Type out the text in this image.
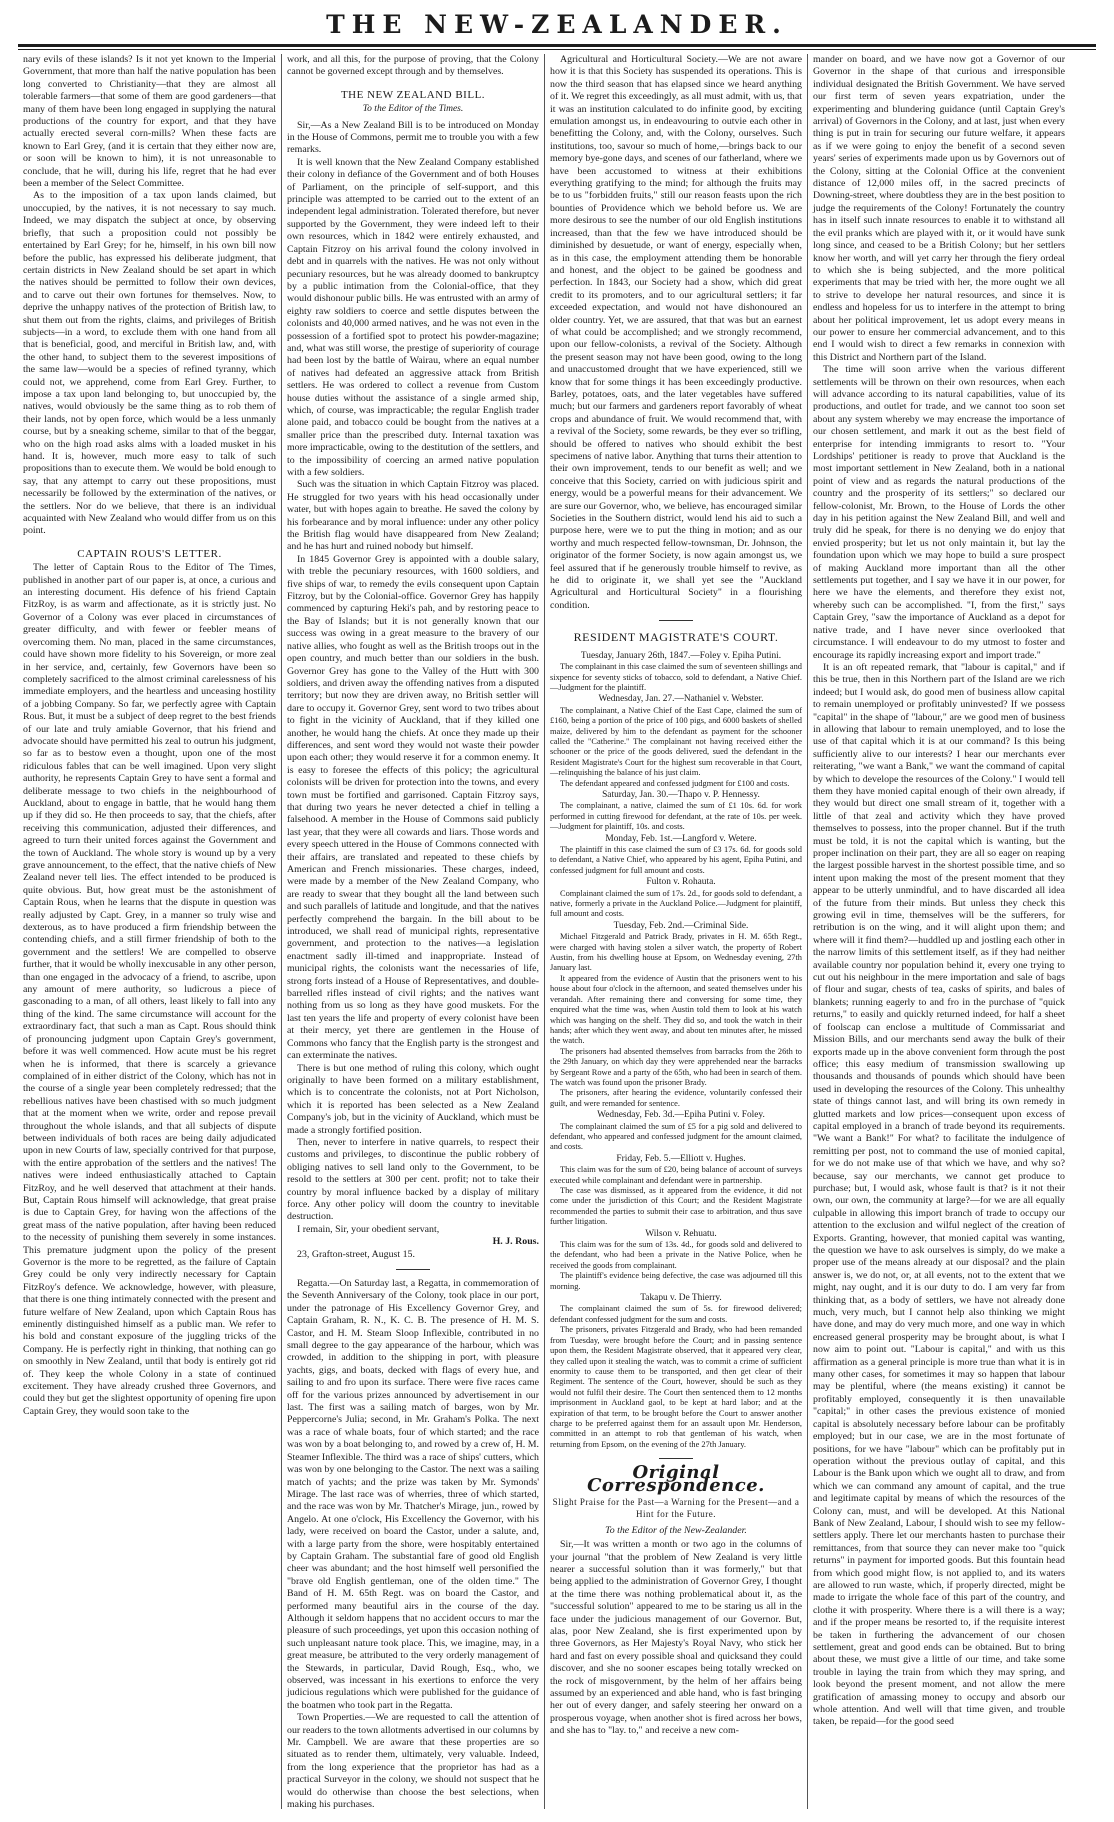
THE NEW-ZEALANDER.

nary evils of these islands? Is it not yet known to the Imperial Government, that more than half the native population has been long converted to Christianity—that they are almost all tolerable farmers—that some of them are good gardeners—that many of them have been long engaged in supplying the natural productions of the country for export, and that they have actually erected several corn-mills? When these facts are known to Earl Grey, (and it is certain that they either now are, or soon will be known to him), it is not unreasonable to conclude, that he will, during his life, regret that he had ever been a member of the Select Committee.

As to the imposition of a tax upon lands claimed, but unoccupied, by the natives, it is not necessary to say much. Indeed, we may dispatch the subject at once, by observing briefly, that such a proposition could not possibly be entertained by Earl Grey; for he, himself, in his own bill now before the public, has expressed his deliberate judgment, that certain districts in New Zealand should be set apart in which the natives should be permitted to follow their own devices, and to carve out their own fortunes for themselves. Now, to deprive the unhappy natives of the protection of British law, to shut them out from the rights, claims, and privileges of British subjects—in a word, to exclude them with one hand from all that is beneficial, good, and merciful in British law, and, with the other hand, to subject them to the severest impositions of the same law—would be a species of refined tyranny, which could not, we apprehend, come from Earl Grey. Further, to impose a tax upon land belonging to, but unoccupied by, the natives, would obviously be the same thing as to rob them of their lands, not by open force, which would be a less unmanly course, but by a sneaking scheme, similar to that of the beggar, who on the high road asks alms with a loaded musket in his hand. It is, however, much more easy to talk of such propositions than to execute them. We would be bold enough to say, that any attempt to carry out these propositions, must necessarily be followed by the extermination of the natives, or the settlers. Nor do we believe, that there is an individual acquainted with New Zealand who would differ from us on this point.

CAPTAIN ROUS'S LETTER.

The letter of Captain Rous to the Editor of The Times, published in another part of our paper is, at once, a curious and an interesting document. His defence of his friend Captain FitzRoy, is as warm and affectionate, as it is strictly just. No Governor of a Colony was ever placed in circumstances of greater difficulty, and with fewer or feebler means of overcoming them. No man, placed in the same circumstances, could have shown more fidelity to his Sovereign, or more zeal in her service, and, certainly, few Governors have been so completely sacrificed to the almost criminal carelessness of his immediate employers, and the heartless and unceasing hostility of a jobbing Company. So far, we perfectly agree with Captain Rous. But, it must be a subject of deep regret to the best friends of our late and truly amiable Governor, that his friend and advocate should have permitted his zeal to outrun his judgment, so far as to bestow even a thought, upon one of the most ridiculous fables that can be well imagined. Upon very slight authority, he represents Captain Grey to have sent a formal and deliberate message to two chiefs in the neighbourhood of Auckland, about to engage in battle, that he would hang them up if they did so. He then proceeds to say, that the chiefs, after receiving this communication, adjusted their differences, and agreed to turn their united forces against the Government and the town of Auckland. The whole story is wound up by a very grave announcement, to the effect, that the native chiefs of New Zealand never tell lies. The effect intended to be produced is quite obvious. But, how great must be the astonishment of Captain Rous, when he learns that the dispute in question was really adjusted by Capt. Grey, in a manner so truly wise and dexterous, as to have produced a firm friendship between the contending chiefs, and a still firmer friendship of both to the government and the settlers! We are compelled to observe further, that it would be wholly inexcusable in any other person, than one engaged in the advocacy of a friend, to ascribe, upon any amount of mere authority, so ludicrous a piece of gasconading to a man, of all others, least likely to fall into any thing of the kind. The same circumstance will account for the extraordinary fact, that such a man as Capt. Rous should think of pronouncing judgment upon Captain Grey's government, before it was well commenced. How acute must be his regret when he is informed, that there is scarcely a grievance complained of in either district of the Colony, which has not in the course of a single year been completely redressed; that the rebellious natives have been chastised with so much judgment that at the moment when we write, order and repose prevail throughout the whole islands, and that all subjects of dispute between individuals of both races are being daily adjudicated upon in new Courts of law, specially contrived for that purpose, with the entire approbation of the settlers and the natives! The natives were indeed enthusiastically attached to Captain FitzRoy, and he well deserved that attachment at their hands. But, Captain Rous himself will acknowledge, that great praise is due to Captain Grey, for having won the affections of the great mass of the native population, after having been reduced to the necessity of punishing them severely in some instances. This premature judgment upon the policy of the present Governor is the more to be regretted, as the failure of Captain Grey could be only very indirectly necessary for Captain FitzRoy's defence. We acknowledge, however, with pleasure, that there is one thing intimately connected with the present and future welfare of New Zealand, upon which Captain Rous has eminently distinguished himself as a public man. We refer to his bold and constant exposure of the juggling tricks of the Company. He is perfectly right in thinking, that nothing can go on smoothly in New Zealand, until that body is entirely got rid of. They keep the whole Colony in a state of continued excitement. They have already crushed three Governors, and could they but get the slightest opportunity of opening fire upon Captain Grey, they would soon take to the

work, and all this, for the purpose of proving, that the Colony cannot be governed except through and by themselves.

THE NEW ZEALAND BILL.
To the Editor of the Times.

Sir,—As a New Zealand Bill is to be introduced on Monday in the House of Commons, permit me to trouble you with a few remarks.

It is well known that the New Zealand Company established their colony in defiance of the Government and of both Houses of Parliament, on the principle of self-support, and this principle was attempted to be carried out to the extent of an independent legal administration. Tolerated therefore, but never supported by the Government, they were indeed left to their own resources, which in 1842 were entirely exhausted, and Captain Fitzroy on his arrival found the colony involved in debt and in quarrels with the natives. He was not only without pecuniary resources, but he was already doomed to bankruptcy by a public intimation from the Colonial-office, that they would dishonour public bills. He was entrusted with an army of eighty raw soldiers to coerce and settle disputes between the colonists and 40,000 armed natives, and he was not even in the possession of a fortified spot to protect his powder-magazine; and, what was still worse, the prestige of superiority of courage had been lost by the battle of Wairau, where an equal number of natives had defeated an aggressive attack from British settlers. He was ordered to collect a revenue from Custom house duties without the assistance of a single armed ship, which, of course, was impracticable; the regular English trader alone paid, and tobacco could be bought from the natives at a smaller price than the prescribed duty. Internal taxation was more impracticable, owing to the destitution of the settlers, and to the impossibility of coercing an armed native population with a few soldiers.

Such was the situation in which Captain Fitzroy was placed. He struggled for two years with his head occasionally under water, but with hopes again to breathe. He saved the colony by his forbearance and by moral influence: under any other policy the British flag would have disappeared from New Zealand; and he has hurt and ruined nobody but himself.

In 1845 Governor Grey is appointed with a double salary, with treble the pecuniary resources, with 1600 soldiers, and five ships of war, to remedy the evils consequent upon Captain Fitzroy, but by the Colonial-office. Governor Grey has happily commenced by capturing Heki's pah, and by restoring peace to the Bay of Islands; but it is not generally known that our success was owing in a great measure to the bravery of our native allies, who fought as well as the British troops out in the open country, and much better than our soldiers in the bush. Governor Grey has gone to the Valley of the Hutt with 300 soldiers, and driven away the offending natives from a disputed territory; but now they are driven away, no British settler will dare to occupy it. Governor Grey, sent word to two tribes about to fight in the vicinity of Auckland, that if they killed one another, he would hang the chiefs. At once they made up their differences, and sent word they would not waste their powder upon each other; they would reserve it for a common enemy. It is easy to foresee the effects of this policy; the agricultural colonists will be driven for protection into the towns, and every town must be fortified and garrisoned. Captain Fitzroy says, that during two years he never detected a chief in telling a falsehood. A member in the House of Commons said publicly last year, that they were all cowards and liars. Those words and every speech uttered in the House of Commons connected with their affairs, are translated and repeated to these chiefs by American and French missionaries. These charges, indeed, were made by a member of the New Zealand Company, who are ready to swear that they bought all the land between such and such parallels of latitude and longitude, and that the natives perfectly comprehend the bargain. In the bill about to be introduced, we shall read of municipal rights, representative government, and protection to the natives—a legislation enactment sadly ill-timed and inappropriate. Instead of municipal rights, the colonists want the necessaries of life, strong forts instead of a House of Representatives, and double-barrelled rifles instead of civil rights; and the natives want nothing from us so long as they have good muskets. For the last ten years the life and property of every colonist have been at their mercy, yet there are gentlemen in the House of Commons who fancy that the English party is the strongest and can exterminate the natives.

There is but one method of ruling this colony, which ought originally to have been formed on a military establishment, which is to concentrate the colonists, not at Port Nicholson, which it is reported has been selected as a New Zealand Company's job, but in the vicinity of Auckland, which must be made a strongly fortified position.

Then, never to interfere in native quarrels, to respect their customs and privileges, to discontinue the public robbery of obliging natives to sell land only to the Government, to be resold to the settlers at 300 per cent. profit; not to take their country by moral influence backed by a display of military force. Any other policy will doom the country to inevitable destruction.

I remain, Sir, your obedient servant,

H. J. Rous.

23, Grafton-street, August 15.

Regatta.—On Saturday last, a Regatta, in commemoration of the Seventh Anniversary of the Colony, took place in our port, under the patronage of His Excellency Governor Grey, and Captain Graham, R. N., K. C. B. The presence of H. M. S. Castor, and H. M. Steam Sloop Inflexible, contributed in no small degree to the gay appearance of the harbour, which was crowded, in addition to the shipping in port, with pleasure yachts, gigs, and boats, decked with flags of every hue, and sailing to and fro upon its surface. There were five races came off for the various prizes announced by advertisement in our last. The first was a sailing match of barges, won by Mr. Peppercorne's Julia; second, in Mr. Graham's Polka. The next was a race of whale boats, four of which started; and the race was won by a boat belonging to, and rowed by a crew of, H. M. Steamer Inflexible. The third was a race of ships' cutters, which was won by one belonging to the Castor. The next was a sailing match of yachts; and the prize was taken by Mr. Symonds' Mirage. The last race was of wherries, three of which started, and the race was won by Mr. Thatcher's Mirage, jun., rowed by Angelo. At one o'clock, His Excellency the Governor, with his lady, were received on board the Castor, under a salute, and, with a large party from the shore, were hospitably entertained by Captain Graham. The substantial fare of good old English cheer was abundant; and the host himself well personified the "brave old English gentleman, one of the olden time." The Band of H. M. 65th Regt. was on board the Castor, and performed many beautiful airs in the course of the day. Although it seldom happens that no accident occurs to mar the pleasure of such proceedings, yet upon this occasion nothing of such unpleasant nature took place. This, we imagine, may, in a great measure, be attributed to the very orderly management of the Stewards, in particular, David Rough, Esq., who, we observed, was incessant in his exertions to enforce the very judicious regulations which were published for the guidance of the boatmen who took part in the Regatta.

Town Properties.—We are requested to call the attention of our readers to the town allotments advertised in our columns by Mr. Campbell. We are aware that these properties are so situated as to render them, ultimately, very valuable. Indeed, from the long experience that the proprietor has had as a practical Surveyor in the colony, we should not suspect that he would do otherwise than choose the best selections, when making his purchases.

Agricultural and Horticultural Society.—We are not aware how it is that this Society has suspended its operations. This is now the third season that has elapsed since we heard anything of it. We regret this exceedingly, as all must admit, with us, that it was an institution calculated to do infinite good, by exciting emulation amongst us, in endeavouring to outvie each other in benefitting the Colony, and, with the Colony, ourselves. Such institutions, too, savour so much of home,—brings back to our memory bye-gone days, and scenes of our fatherland, where we have been accustomed to witness at their exhibitions everything gratifying to the mind; for although the fruits may be to us "forbidden fruits," still our reason feasts upon the rich bounties of Providence which we behold before us. We are more desirous to see the number of our old English institutions increased, than that the few we have introduced should be diminished by desuetude, or want of energy, especially when, as in this case, the employment attending them be honorable and honest, and the object to be gained be goodness and perfection. In 1843, our Society had a show, which did great credit to its promoters, and to our agricultural settlers; it far exceeded expectation, and would not have dishonoured an older country. Yet, we are assured, that that was but an earnest of what could be accomplished; and we strongly recommend, upon our fellow-colonists, a revival of the Society. Although the present season may not have been good, owing to the long and unaccustomed drought that we have experienced, still we know that for some things it has been exceedingly productive. Barley, potatoes, oats, and the later vegetables have suffered much; but our farmers and gardeners report favorably of wheat crops and abundance of fruit. We would recommend that, with a revival of the Society, some rewards, be they ever so trifling, should be offered to natives who should exhibit the best specimens of native labor. Anything that turns their attention to their own improvement, tends to our benefit as well; and we conceive that this Society, carried on with judicious spirit and energy, would be a powerful means for their advancement. We are sure our Governor, who, we believe, has encouraged similar Societies in the Southern district, would lend his aid to such a purpose here, were we to put the thing in motion; and as our worthy and much respected fellow-townsman, Dr. Johnson, the originator of the former Society, is now again amongst us, we feel assured that if he generously trouble himself to revive, as he did to originate it, we shall yet see the "Auckland Agricultural and Horticultural Society" in a flourishing condition.

RESIDENT MAGISTRATE'S COURT.

Tuesday, January 26th, 1847.—Foley v. Epiha Putini.

The complainant in this case claimed the sum of seventeen shillings and sixpence for seventy sticks of tobacco, sold to defendant, a Native Chief.—Judgment for the plaintiff.

Wednesday, Jan. 27.—Nathaniel v. Webster.

The complainant, a Native Chief of the East Cape, claimed the sum of £160, being a portion of the price of 100 pigs, and 6000 baskets of shelled maize, delivered by him to the defendant as payment for the schooner called the "Catherine." The complainant not having received either the schooner or the price of the goods delivered, sued the defendant in the Resident Magistrate's Court for the highest sum recoverable in that Court,—relinquishing the balance of his just claim.

The defendant appeared and confessed judgment for £100 and costs.

Saturday, Jan. 30.—Thapo v. P. Hennessy.

The complainant, a native, claimed the sum of £1 10s. 6d. for work performed in cutting firewood for defendant, at the rate of 10s. per week.—Judgment for plaintiff, 10s. and costs.

Monday, Feb. 1st.—Langford v. Wetere.

The plaintiff in this case claimed the sum of £3 17s. 6d. for goods sold to defendant, a Native Chief, who appeared by his agent, Epiha Putini, and confessed judgment for full amount and costs.

Fulton v. Rohauta.

Complainant claimed the sum of 17s. 2d., for goods sold to defendant, a native, formerly a private in the Auckland Police.—Judgment for plaintiff, full amount and costs.

Tuesday, Feb. 2nd.—Criminal Side.

Michael Fitzgerald and Patrick Brady, privates in H. M. 65th Regt., were charged with having stolen a silver watch, the property of Robert Austin, from his dwelling house at Epsom, on Wednesday evening, 27th January last.

It appeared from the evidence of Austin that the prisoners went to his house about four o'clock in the afternoon, and seated themselves under his verandah. After remaining there and conversing for some time, they enquired what the time was, when Austin told them to look at his watch which was hanging on the shelf. They did so, and took the watch in their hands; after which they went away, and about ten minutes after, he missed the watch.

The prisoners had absented themselves from barracks from the 26th to the 29th January, on which day they were apprehended near the barracks by Sergeant Rowe and a party of the 65th, who had been in search of them. The watch was found upon the prisoner Brady.

The prisoners, after hearing the evidence, voluntarily confessed their guilt, and were remanded for sentence.

Wednesday, Feb. 3d.—Epiha Putini v. Foley.

The complainant claimed the sum of £5 for a pig sold and delivered to defendant, who appeared and confessed judgment for the amount claimed, and costs.

Friday, Feb. 5.—Elliott v. Hughes.

This claim was for the sum of £20, being balance of account of surveys executed while complainant and defendant were in partnership.

The case was dismissed, as it appeared from the evidence, it did not come under the jurisdiction of this Court; and the Resident Magistrate recommended the parties to submit their case to arbitration, and thus save further litigation.

Wilson v. Rehuatu.

This claim was for the sum of 13s. 4d., for goods sold and delivered to the defendant, who had been a private in the Native Police, when he received the goods from complainant.

The plaintiff's evidence being defective, the case was adjourned till this morning.

Takapu v. De Thierry.

The complainant claimed the sum of 5s. for firewood delivered; defendant confessed judgment for the sum and costs.

The prisoners, privates Fitzgerald and Brady, who had been remanded from Tuesday, were brought before the Court; and in passing sentence upon them, the Resident Magistrate observed, that it appeared very clear, they called upon it stealing the watch, was to commit a crime of sufficient enormity to cause them to be transported, and then get clear of their Regiment. The sentence of the Court, however, should be such as they would not fulfil their desire. The Court then sentenced them to 12 months imprisonment in Auckland gaol, to be kept at hard labor; and at the expiration of that term, to be brought before the Court to answer another charge to be preferred against them for an assault upon Mr. Henderson, committed in an attempt to rob that gentleman of his watch, when returning from Epsom, on the evening of the 27th January.

Original Correspondence.
Slight Praise for the Past—a Warning for the Present—and a Hint for the Future.
To the Editor of the New-Zealander.

Sir,—It was written a month or two ago in the columns of your journal "that the problem of New Zealand is very little nearer a successful solution than it was formerly," but that being applied to the administration of Governor Grey, I thought at the time there was nothing problematical about it, as the "successful solution" appeared to me to be staring us all in the face under the judicious management of our Governor. But, alas, poor New Zealand, she is first experimented upon by three Governors, as Her Majesty's Royal Navy, who stick her hard and fast on every possible shoal and quicksand they could discover, and she no sooner escapes being totally wrecked on the rock of misgovernment, by the helm of her affairs being assumed by an experienced and able hand, who is fast bringing her out of every danger, and safely steering her onward on a prosperous voyage, when another shot is fired across her bows, and she has to "lay. to," and receive a new com-

mander on board, and we have now got a Governor of our Governor in the shape of that curious and irresponsible individual designated the British Government. We have served our first term of seven years expatriation, under the experimenting and blundering guidance (until Captain Grey's arrival) of Governors in the Colony, and at last, just when every thing is put in train for securing our future welfare, it appears as if we were going to enjoy the benefit of a second seven years' series of experiments made upon us by Governors out of the Colony, sitting at the Colonial Office at the convenient distance of 12,000 miles off, in the sacred precincts of Downing-street, where doubtless they are in the best position to judge the requirements of the Colony! Fortunately the country has in itself such innate resources to enable it to withstand all the evil pranks which are played with it, or it would have sunk long since, and ceased to be a British Colony; but her settlers know her worth, and will yet carry her through the fiery ordeal to which she is being subjected, and the more political experiments that may be tried with her, the more ought we all to strive to develope her natural resources, and since it is endless and hopeless for us to interfere in the attempt to bring about her political improvement, let us adopt every means in our power to ensure her commercial advancement, and to this end I would wish to direct a few remarks in connexion with this District and Northern part of the Island.

The time will soon arrive when the various different settlements will be thrown on their own resources, when each will advance according to its natural capabilities, value of its productions, and outlet for trade, and we cannot too soon set about any system whereby we may encrease the importance of our chosen settlement, and mark it out as the best field of enterprise for intending immigrants to resort to. "Your Lordships' petitioner is ready to prove that Auckland is the most important settlement in New Zealand, both in a national point of view and as regards the natural productions of the country and the prosperity of its settlers;" so declared our fellow-colonist, Mr. Brown, to the House of Lords the other day in his petition against the New Zealand Bill, and well and truly did he speak, for there is no denying we do enjoy that envied prosperity; but let us not only maintain it, but lay the foundation upon which we may hope to build a sure prospect of making Auckland more important than all the other settlements put together, and I say we have it in our power, for here we have the elements, and therefore they exist not, whereby such can be accomplished. "I, from the first," says Captain Grey, "saw the importance of Auckland as a depot for native trade, and I have never since overlooked that circumstance. I will endeavour to do my utmost to foster and encourage its rapidly increasing export and import trade."

It is an oft repeated remark, that "labour is capital," and if this be true, then in this Northern part of the Island are we rich indeed; but I would ask, do good men of business allow capital to remain unemployed or profitably uninvested? If we possess "capital" in the shape of "labour," are we good men of business in allowing that labour to remain unemployed, and to lose the use of that capital which it is at our command? Is this being sufficiently alive to our interests? I hear our merchants ever reiterating, "we want a Bank," we want the command of capital by which to develope the resources of the Colony." I would tell them they have monied capital enough of their own already, if they would but direct one small stream of it, together with a little of that zeal and activity which they have proved themselves to possess, into the proper channel. But if the truth must be told, it is not the capital which is wanting, but the proper inclination on their part, they are all so eager on reaping the largest possible harvest in the shortest possible time, and so intent upon making the most of the present moment that they appear to be utterly unmindful, and to have discarded all idea of the future from their minds. But unless they check this growing evil in time, themselves will be the sufferers, for retribution is on the wing, and it will alight upon them; and where will it find them?—huddled up and jostling each other in the narrow limits of this settlement itself, as if they had neither available country nor population behind it, every one trying to cut out his neighbour in the mere importation and sale of bags of flour and sugar, chests of tea, casks of spirits, and bales of blankets; running eagerly to and fro in the purchase of "quick returns," to easily and quickly returned indeed, for half a sheet of foolscap can enclose a multitude of Commissariat and Mission Bills, and our merchants send away the bulk of their exports made up in the above convenient form through the post office; this easy medium of transmission swallowing up thousands and thousands of pounds which should have been used in developing the resources of the Colony. This unhealthy state of things cannot last, and will bring its own remedy in glutted markets and low prices—consequent upon excess of capital employed in a branch of trade beyond its requirements. "We want a Bank!" For what? to facilitate the indulgence of remitting per post, not to command the use of monied capital, for we do not make use of that which we have, and why so? because, say our merchants, we cannot get produce to purchase; but, I would ask, whose fault is that? is it not their own, our own, the community at large?—for we are all equally culpable in allowing this import branch of trade to occupy our attention to the exclusion and wilful neglect of the creation of Exports. Granting, however, that monied capital was wanting, the question we have to ask ourselves is simply, do we make a proper use of the means already at our disposal? and the plain answer is, we do not, or, at all events, not to the extent that we might, nay ought, and it is our duty to do. I am very far from thinking that, as a body of settlers, we have not already done much, very much, but I cannot help also thinking we might have done, and may do very much more, and one way in which encreased general prosperity may be brought about, is what I now aim to point out. "Labour is capital," and with us this affirmation as a general principle is more true than what it is in many other cases, for sometimes it may so happen that labour may be plentiful, where (the means existing) it cannot be profitably employed, consequently it is then unavailable "capital;" in other cases the previous existence of monied capital is absolutely necessary before labour can be profitably employed; but in our case, we are in the most fortunate of positions, for we have "labour" which can be profitably put in operation without the previous outlay of capital, and this Labour is the Bank upon which we ought all to draw, and from which we can command any amount of capital, and the true and legitimate capital by means of which the resources of the Colony can, must, and will be developed. At this National Bank of New Zealand, Labour, I should wish to see my fellow-settlers apply. There let our merchants hasten to purchase their remittances, from that source they can never make too "quick returns" in payment for imported goods. But this fountain head from which good might flow, is not applied to, and its waters are allowed to run waste, which, if properly directed, might be made to irrigate the whole face of this part of the country, and clothe it with prosperity. Where there is a will there is a way; and if the proper means be resorted to, if the requisite interest be taken in furthering the advancement of our chosen settlement, great and good ends can be obtained. But to bring about these, we must give a little of our time, and take some trouble in laying the train from which they may spring, and look beyond the present moment, and not allow the mere gratification of amassing money to occupy and absorb our whole attention. And well will that time given, and trouble taken, be repaid—for the good seed
